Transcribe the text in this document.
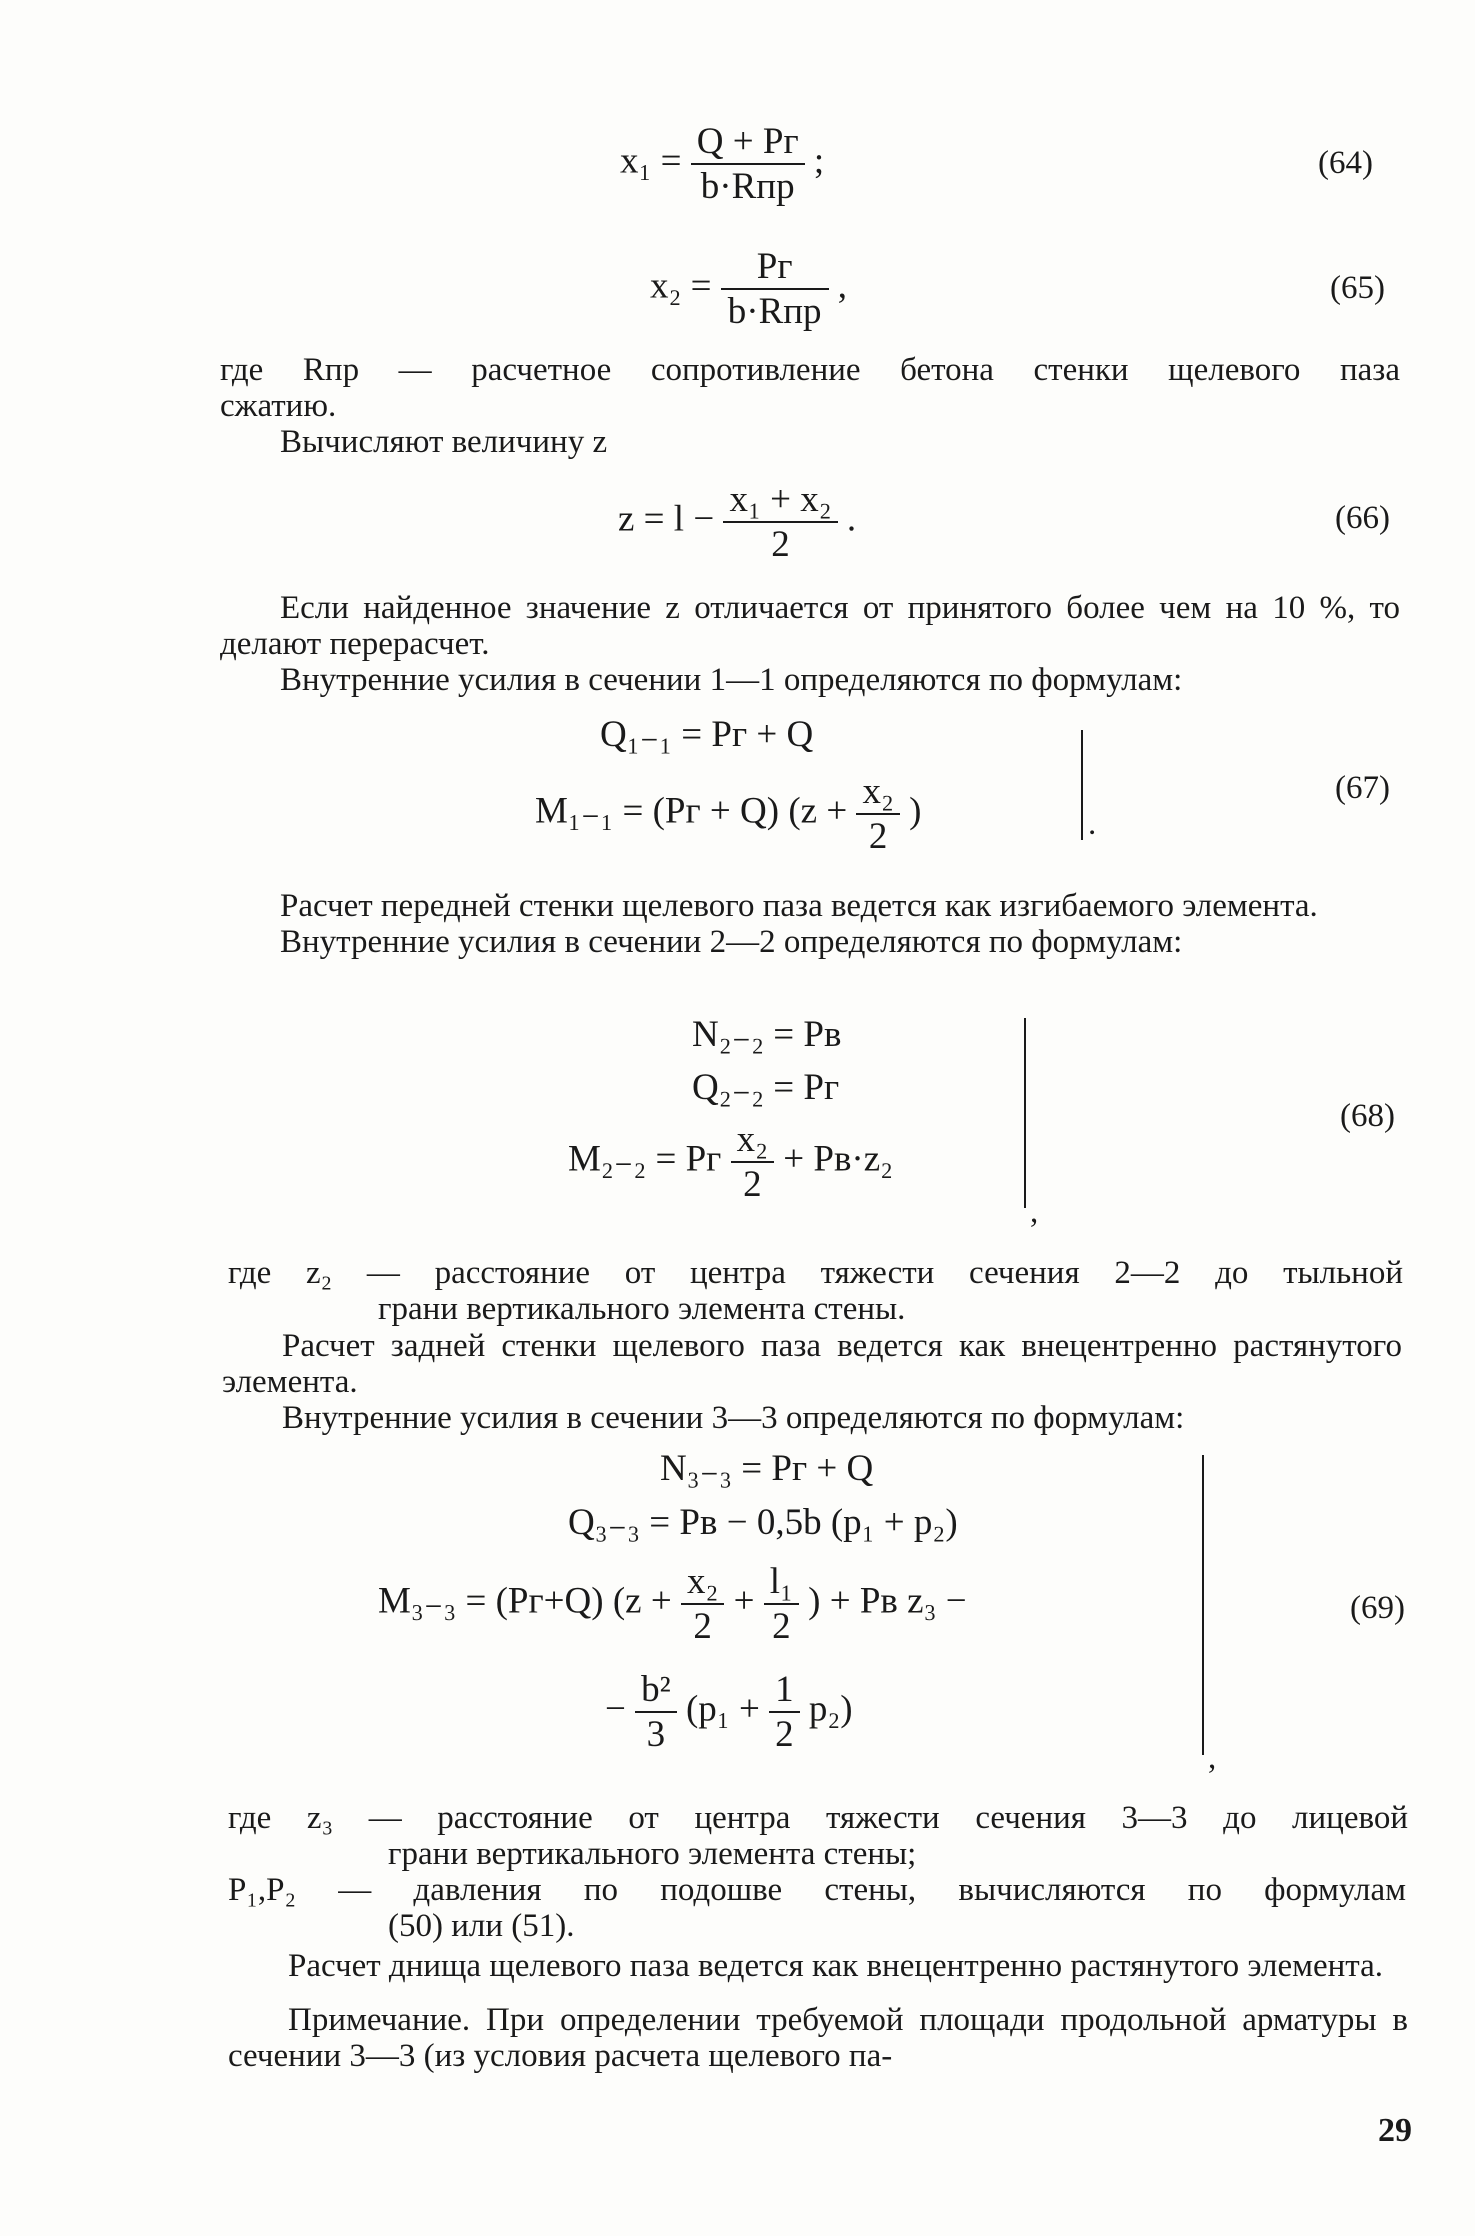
$x_1 = \frac{Q + Pг}{\text{b·Rпр}}$ ;	(64)
$x_2 = \frac{Pг}{\text{b·Rпр}}$ ,	(65)

где Rпр — расчетное сопротивление бетона стенки щелевого паза

сжатию.

Вычисляют величину z

$z = l - \frac{\text{x₁ + x₂}}{2}$ .	(66)

Если найденное значение z отличается от принятого более чем на 10 %, то делают перерасчет.

Внутренние усилия в сечении 1—1 определяются по формулам:

Q₁₋₁ = Pг + Q
M₁₋₁ = (Pг + Q) ($z + \frac{\text{x₂}}{2}$ )	.
(67)

Расчет передней стенки щелевого паза ведется как изгибаемого элемента.

Внутренние усилия в сечении 2—2 определяются по формулам:

N₂₋₂ = Pв
Q₂₋₂ = Pг
M₂₋₂ = Pг $\frac{\text{x₂}}{2} + Pв\cdot z_2$
,
(68)
где z₂ — расстояние от центра тяжести сечения 2—2 до тыльной
грани вертикального элемента стены.

Расчет задней стенки щелевого паза ведется как внецентренно растянутого элемента.

Внутренние усилия в сечении 3—3 определяются по формулам:

N₃₋₃ = Pг + Q
Q₃₋₃ = Pв − 0,5b (p₁ + p₂)
M₃₋₃ = (Pг+Q) ($z + \frac{\text{x₂}}{2} + \frac{\text{l₁}}{2}$ ) + Pв z₃ −
− $\frac{\text{b²}}{3} (p_1 + \frac{1}{2} p_2)$
,
(69)
где z₃ — расстояние от центра тяжести сечения 3—3 до лицевой
грани вертикального элемента стены;
P₁,P₂ — давления по подошве стены, вычисляются по формулам
(50) или (51).

Расчет днища щелевого паза ведется как внецентренно растянутого элемента.

Примечание. При определении требуемой площади продольной арматуры в сечении 3—3 (из условия расчета щелевого па-

29
